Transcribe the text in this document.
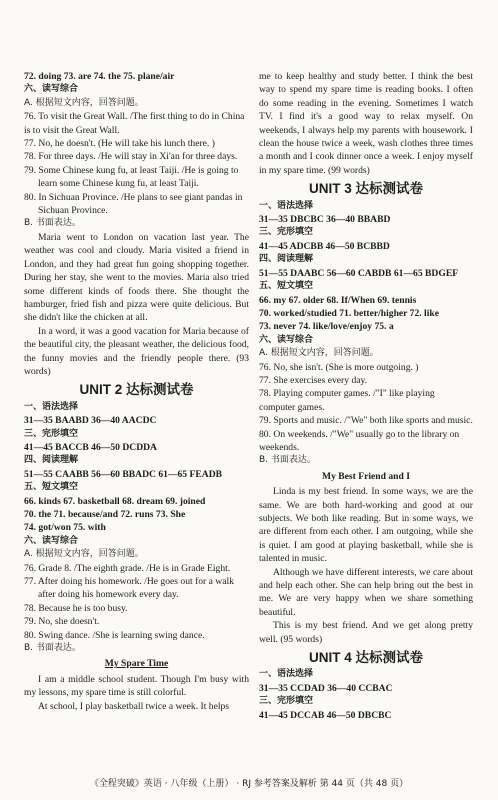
72. doing 73. are 74. the 75. plane/air
六、读写综合
A. 根据短文内容，回答问题。
76. To visit the Great Wall. /The first thing to do in China
is to visit the Great Wall.
77. No, he doesn't. (He will take his lunch there. )
78. For three days. /He will stay in Xi'an for three days.
79. Some Chinese kung fu, at least Taiji. /He is going to
learn some Chinese kung fu, at least Taiji.
80. In Sichuan Province. /He plans to see giant pandas in
Sichuan Province.
B. 书面表达。
Maria went to London on vacation last year. The weather was cool and cloudy. Maria visited a friend in London, and they had great fun going shopping together. During her stay, she went to the movies. Maria also tried some different kinds of foods there. She thought the hamburger, fried fish and pizza were quite delicious. But she didn't like the chicken at all.
In a word, it was a good vacation for Maria because of the beautiful city, the pleasant weather, the delicious food, the funny movies and the friendly people there. (93 words)
UNIT 2 达标测试卷
一、语法选择
31—35 BAABD 36—40 AACDC
三、完形填空
41—45 BACCB 46—50 DCDDA
四、阅读理解
51—55 CAABB 56—60 BBADC 61—65 FEADB
五、短文填空
66. kinds 67. basketball 68. dream 69. joined
70. the 71. because/and 72. runs 73. She
74. got/won 75. with
六、读写综合
A. 根据短文内容，回答问题。
76. Grade 8. /The eighth grade. /He is in Grade Eight.
77. After doing his homework. /He goes out for a walk
after doing his homework every day.
78. Because he is too busy.
79. No, she doesn't.
80. Swing dance. /She is learning swing dance.
B. 书面表达。
My Spare Time
I am a middle school student. Though I'm busy with my lessons, my spare time is still colorful.
At school, I play basketball twice a week. It helps
me to keep healthy and study better. I think the best way to spend my spare time is reading books. I often do some reading in the evening. Sometimes I watch TV. I find it's a good way to relax myself. On weekends, I always help my parents with housework. I clean the house twice a week, wash clothes three times a month and I cook dinner once a week. I enjoy myself in my spare time. (99 words)
UNIT 3 达标测试卷
一、语法选择
31—35 DBCBC 36—40 BBABD
三、完形填空
41—45 ADCBB 46—50 BCBBD
四、阅读理解
51—55 DAABC 56—60 CABDB 61—65 BDGEF
五、短文填空
66. my 67. older 68. If/When 69. tennis
70. worked/studied 71. better/higher 72. like
73. never 74. like/love/enjoy 75. a
六、读写综合
A. 根据短文内容，回答问题。
76. No, she isn't. (She is more outgoing. )
77. She exercises every day.
78. Playing computer games. /"I" like playing computer games.
79. Sports and music. /"We" both like sports and music.
80. On weekends. /"We" usually go to the library on weekends.
B. 书面表达。
My Best Friend and I
Linda is my best friend. In some ways, we are the same. We are both hard-working and good at our subjects. We both like reading. But in some ways, we are different from each other. I am outgoing, while she is quiet. I am good at playing basketball, while she is talented in music.
Although we have different interests, we care about and help each other. She can help bring out the best in me. We are very happy when we share something beautiful.
This is my best friend. And we get along pretty well. (95 words)
UNIT 4 达标测试卷
一、语法选择
31—35 CCDAD 36—40 CCBAC
三、完形填空
41—45 DCCAB 46—50 DBCBC
《全程突破》英语 · 八年级（上册） · RJ 参考答案及解析 第 44 页（共 48 页）
